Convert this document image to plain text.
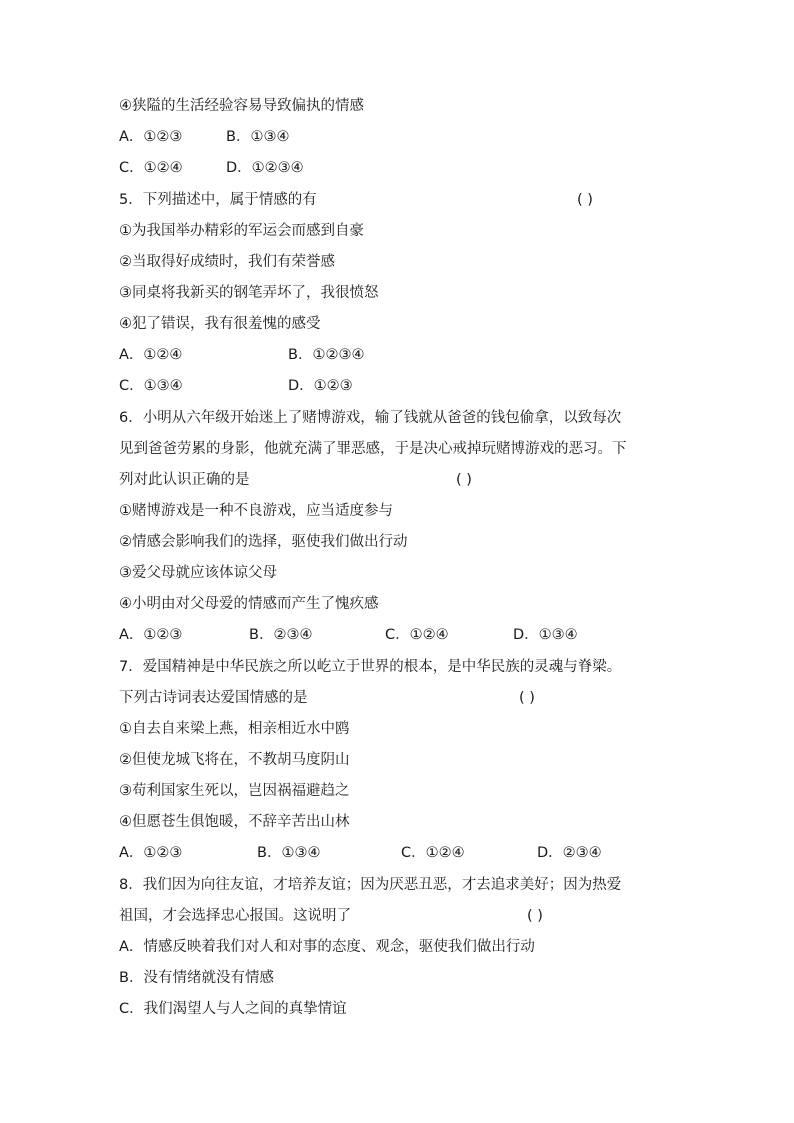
④狭隘的生活经验容易导致偏执的情感
A．①②③	B．①③④
C．①②④	D．①②③④
5．下列描述中，属于情感的有	( )
①为我国举办精彩的军运会而感到自豪
②当取得好成绩时，我们有荣誉感
③同桌将我新买的钢笔弄坏了，我很愤怒
④犯了错误，我有很羞愧的感受
A．①②④	B．①②③④
C．①③④	D．①②③
6．小明从六年级开始迷上了赌博游戏，输了钱就从爸爸的钱包偷拿，以致每次
见到爸爸劳累的身影，他就充满了罪恶感，于是决心戒掉玩赌博游戏的恶习。下
列对此认识正确的是	( )
①赌博游戏是一种不良游戏，应当适度参与
②情感会影响我们的选择，驱使我们做出行动
③爱父母就应该体谅父母
④小明由对父母爱的情感而产生了愧疚感
A．①②③	B．②③④	C．①②④	D．①③④
7．爱国精神是中华民族之所以屹立于世界的根本，是中华民族的灵魂与脊梁。
下列古诗词表达爱国情感的是	( )
①自去自来梁上燕，相亲相近水中鸥
②但使龙城飞将在，不教胡马度阴山
③苟利国家生死以，岂因祸福避趋之
④但愿苍生俱饱暖，不辞辛苦出山林
A．①②③	B．①③④	C．①②④	D．②③④
8．我们因为向往友谊，才培养友谊；因为厌恶丑恶，才去追求美好；因为热爱
祖国，才会选择忠心报国。这说明了	( )
A．情感反映着我们对人和对事的态度、观念，驱使我们做出行动
B．没有情绪就没有情感
C．我们渴望人与人之间的真挚情谊
